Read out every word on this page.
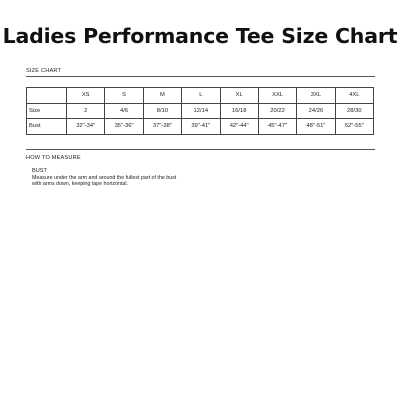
Ladies Performance Tee Size Chart
SIZE CHART
	XS	S	M	L	XL	XXL	3XL	4XL
Size	2	4/6	8/10	12/14	16/18	20/22	24/26	28/30
Bust	32"-34"	35"-36"	37"-38"	39"-41"	42"-44"	45"-47"	48"-51"	52"-55"
HOW TO MEASURE
BUST
Measure under the arm and around the fullest part of the bust
with arms down, keeping tape horizontal.
